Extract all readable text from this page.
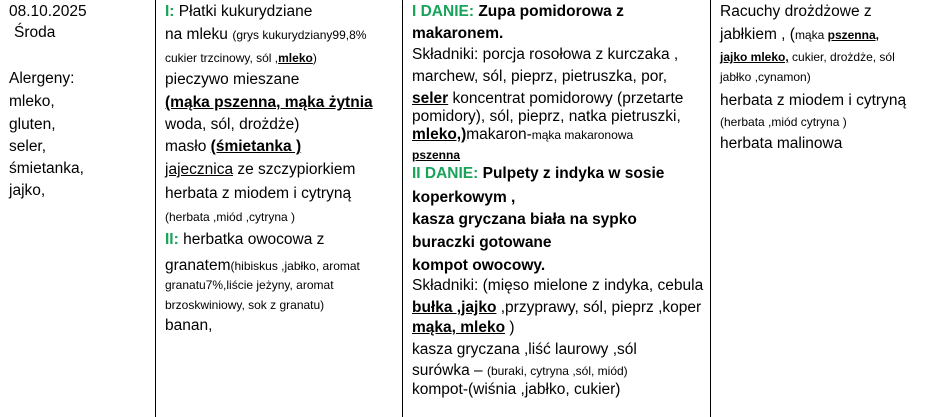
08.10.2025
Środa
Alergeny:
mleko,
gluten,
seler,
śmietanka,
jajko,
I: Płatki kukurydziane
na mleku (grys kukurydziany99,8%
cukier trzcinowy, sól ,mleko)
pieczywo mieszane
(mąka pszenna, mąka żytnia
woda, sól, drożdże)
masło (śmietanka )
jajecznica ze szczypiorkiem
herbata z miodem i cytryną
(herbata ,miód ,cytryna )
II: herbatka owocowa z
granatem(hibiskus ,jabłko, aromat
granatu7%,liście jeżyny, aromat
brzoskwiniowy, sok z granatu)
banan,
I DANIE: Zupa pomidorowa z
makaronem.
Składniki: porcja rosołowa z kurczaka ,
marchew, sól, pieprz, pietruszka, por,
seler koncentrat pomidorowy (przetarte
pomidory), sól, pieprz, natka pietruszki,
mleko,)makaron-mąka makaronowa
pszenna
II DANIE: Pulpety z indyka w sosie
koperkowym ,
kasza gryczana biała na sypko
buraczki gotowane
kompot owocowy.
Składniki: (mięso mielone z indyka, cebula
bułka ,jajko ,przyprawy, sól, pieprz ,koper
mąka, mleko )
kasza gryczana ,liść laurowy ,sól
surówka – (buraki, cytryna ,sól, miód)
kompot-(wiśnia ,jabłko, cukier)
Racuchy drożdżowe z
jabłkiem , (mąka pszenna,
jajko mleko, cukier, drożdże, sól
jabłko ,cynamon)
herbata z miodem i cytryną
(herbata ,miód cytryna )
herbata malinowa
